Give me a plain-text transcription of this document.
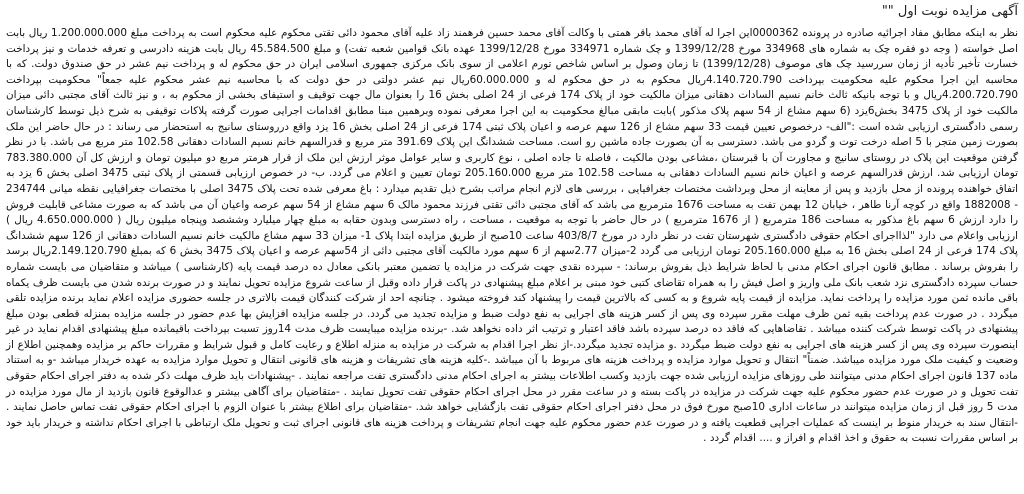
آگهی مزایده نوبت اول ""

نظر به اینکه مطابق مفاد اجرائیه صادره در پرونده 0000362این اجرا له آقای محمد باقر همتی با وکالت آقای محمد حسین فرهمند زاد علیه آقای محمود دائی تقتی محکوم علیه محکوم است به پرداخت مبلغ 1.200.000.000 ریال بابت اصل خواسته ( وجه دو فقره چک به شماره های 334968 مورخ 1399/12/28 و چک شماره 334971 مورخ 1399/12/28 عهده بانک قوامین شعبه تفت) و مبلغ 45.584.500 ریال بابت هزینه دادرسی و تعرفه خدمات و نیز پرداخت خسارت تأخیر تأدیه از زمان سررسید چک های موصوف (1399/12/28) تا زمان وصول بر اساس شاخص تورم اعلامی از سوی بانک مرکزی جمهوری اسلامی ایران در حق محکوم له و پرداخت نیم عشر در حق صندوق دولت. که با محاسبه این اجرا محکوم علیه محکومیت بپرداخت 4.140.720.790ریال محکوم به در حق محکوم له و 60.000.000ریال نیم عشر دولتی در حق دولت که با محاسبه نیم عشر محکوم علیه جمعاً" محکومیت بپرداخت 4.200.720.790ریال و با توجه بانیکه ثالث خانم نسیم السادات دهقانی میزان مالکیت خود از پلاک 174 فرعی از 24 اصلی بخش 16 را بعنوان مال جهت توقیف و استیفای بخشی از محکوم به ، و نیز ثالث آقای مجتبی دائی میزان مالکیت خود از پلاک 3475 بخش6یزد (6 سهم مشاع از 54 سهم پلاک مذکور )بابت مابقی مبالغ محکومیت به این اجرا معرفی نموده وبرهمین مبنا مطابق اقدامات اجرایی صورت گرفته پلاکات توقیفی به شرح ذیل توسط کارشناسان رسمی دادگستری ارزیابی شده است :"الف- درخصوص تعیین قیمت 33 سهم مشاع از 126 سهم عرصه و اعیان پلاک ثبتی 174 فرعی از 24 اصلی بخش 16 یزد واقع درروستای سانیج به استحضار می رساند : در حال حاضر این ملک بصورت زمین متجر با 5 اصله درخت توت و گردو می باشد. دسترسی به آن بصورت جاده ماشین رو است. مساحت ششدانگ این پلاک 391.69 متر مربع و قدرالسهم خانم نسیم السادات دهقانی 102.58 متر مربع می باشد. با در نظر گرفتن موقعیت این پلاک در روستای سانیج و مجاورت آن با قبرستان ،مشاعی بودن مالکیت ، فاصله تا جاده اصلی ، نوع کاربری و سایر عوامل موثر ارزش این ملک از قرار هرمتر مربع دو میلیون تومان و ارزش کل آن 783.380.000 تومان ارزیابی شد. ارزش قدرالسهم عرصه و اعیان خانم نسیم السادات دهقانی به مساحت 102.58 متر مربع 205.160.000 تومان تعیین و اعلام می گردد. ب- در خصوص ارزیابی قسمتی از پلاک ثبتی 3475 اصلی بخش 6 یزد به اتفاق خواهنده پرونده از محل بازدید و پس از معاینه از محل وبرداشت مختصات جغرافیایی ، بررسی های لازم انجام مراتب بشرح ذیل تقدیم میدارد : باغ معرفی شده تحت پلاک 3475 اصلی با مختصات جغرافیایی نقطه میانی 234744 - 1882008 واقع در کوچه آرنا طاهر ، خیابان 12 بهمن تفت به مساحت 1676 مترمربع می باشد که آقای مجتبی دائی تقتی فرزند محمود مالک 6 سهم مشاع از 54 سهم عرصه واعیان آن می باشد که به صورت مشاعی قابلیت فروش را دارد ارزش 6 سهم باغ مذکور به مساحت 186 مترمربع ( از 1676 مترمربع ) در حال حاضر با توجه به موقعیت ، مساحت ، راه دسترسی وبدون حقابه به مبلغ چهار میلیارد وششصد وپنجاه میلیون ریال ( 4.650.000.000 ریال ) ارزیابی واعلام می دارد "لذااجرای احکام حقوقی دادگستری شهرستان تفت در نظر دارد در مورخ 403/8/7 ساعت 10صبح از طریق مزایده ابتدا پلاک 1- میزان 33 سهم مشاع مالکیت خانم نسیم السادات دهقانی از 126 سهم ششدانگ پلاک 174 فرعی از 24 اصلی بخش 16 به مبلغ 205.160.000 تومان ارزیابی می گردد 2-میزان 2.77سهم از 6 سهم مورد مالکیت آقای مجتبی دائی از 54سهم عرصه و اعیان پلاک 3475 بخش 6 که بمبلغ 2.149.120.790ریال برسد را بفروش برساند . مطابق قانون اجرای احکام مدنی با لحاظ شرایط ذیل بفروش برساند: - سپرده نقدی جهت شرکت در مزایده یا تضمین معتبر بانکی معادل ده درصد قیمت پایه (کارشناسی ) میباشد و متقاضیان می بایست شماره حساب سپرده دادگستری نزد شعب بانک ملی واریز و اصل فیش را به همراه تقاضای کتبی خود مبنی بر اعلام مبلغ پیشنهادی در پاکت قرار داده وقبل از ساعت شروع مزایده تحویل نمایند و در صورت برنده شدن می بایست ظرف یکماه باقی مانده ثمن مورد مزایده را پرداخت نماید. مزایده از قیمت پایه شروع و به کسی که بالاترین قیمت را پیشنهاد کند فروخته میشود . چنانچه احد از شرکت کنندگان قیمت بالاتری در جلسه حضوری مزایده اعلام نماید برنده مزایده تلقی میگردد . در صورت عدم پرداخت بقیه ثمن ظرف مهلت مقرر سپرده وی پس از کسر هزینه های اجرایی به نفع دولت ضبط و مزایده تجدید می گردد. در جلسه مزایده افزایش بها عدم حضور در جلسه مزایده بمنزله قطعی بودن مبلغ پیشنهادی در پاکت توسط شرکت کننده میباشد . تقاضاهایی که فاقد ده درصد سپرده باشد فاقد اعتبار و ترتیب اثر داده نخواهد شد. -برنده مزایده میبایست ظرف مدت 14روز تسبت بپرداخت باقیمانده مبلغ پیشنهادی اقدام نماید در غیر اینصورت سپرده وی پس از کسر هزینه های اجرایی به نفع دولت ضبط میگردد .و مزایده تجدید میگردد.-از نظر اجرا اقدام به شرکت در مزایده به منزله اطلاع و رعایت کامل و قبول شرایط و مقررات حاکم بر مزایده وهمچنین اطلاع از وضعیت و کیفیت ملک مورد مزایده میباشد. ضمناً" انتقال و تحویل موارد مزایده و پرداخت هزینه های مربوط با آن میباشد .-کلیه هزینه های تشریفات و هزینه های قانونی انتقال و تحویل موارد مزایده به عهده خریدار میباشد -و به استناد ماده 137 قانون اجرای احکام مدنی میتوانند طی روزهای مزایده ارزیابی شده جهت بازدید وکسب اطلاعات بیشتر به اجرای احکام مدنی دادگستری تفت مراجعه نمایند . -پیشنهادات باید ظرف مهلت ذکر شده به دفتر اجرای احکام حقوقی تفت تحویل و در صورت عدم حضور محکوم علیه جهت شرکت در مزایده در پاکت بسته و در ساعت مقرر در محل اجرای احکام حقوقی تفت تحویل نمایند . -متقاضیان برای آگاهی بیشتر و عدالوقوع قانون بازدید از مال مورد مزایده در مدت 5 روز قبل از زمان مزایده میتوانند در ساعات اداری 10صبح مورخ فوق در محل دفتر اجرای احکام حقوقی تفت بازگشایی خواهد شد. -متقاضیان برای اطلاع بیشتر با عنوان الزوم با اجرای احکام حقوقی تفت تماس حاصل نمایند . -انتقال سند به خریدار منوط بر اینست که عملیات اجرایی قطعیت یافته و در صورت عدم حضور محکوم علیه جهت انجام تشریفات و پرداخت هزینه های قانونی اجرای ثبت و تحویل ملک ارتباطی با اجرای احکام نداشته و خریدار باید خود بر اساس مقررات نسبت به حقوق و اخذ اقدام و افراز و .... اقدام گردد .
